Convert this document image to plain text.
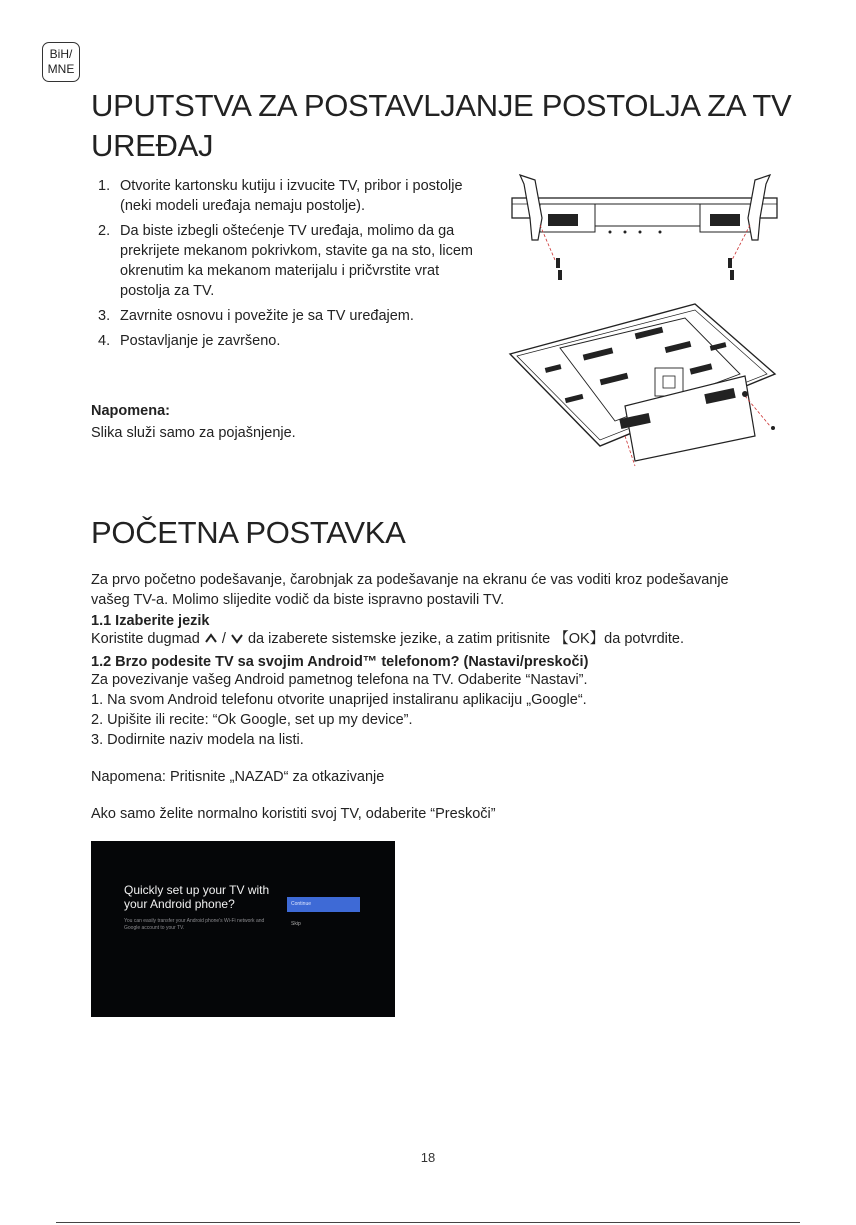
BiH/
MNE
UPUTSTVA ZA POSTAVLJANJE POSTOLJA ZA TV
UREĐAJ
1. Otvorite kartonsku kutiju i izvucite TV, pribor i postolje (neki modeli uređaja nemaju postolje).
2. Da biste izbegli oštećenje TV uređaja, molimo da ga prekrijete mekanom pokrivkom, stavite ga na sto, licem okrenutim ka mekanom materijalu i pričvrstite vrat postolja za TV.
3. Zavrnite osnovu i povežite je sa TV uređajem.
4. Postavljanje je završeno.
Napomena:
Slika služi samo za pojašnjenje.
POČETNA POSTAVKA
Za prvo početno podešavanje, čarobnjak za podešavanje na ekranu će vas voditi kroz podešavanje
vašeg TV-a. Molimo slijedite vodič da biste ispravno postavili TV.
1.1 Izaberite jezik
Koristite dugmad / da izaberete sistemske jezike, a zatim pritisnite 【OK】da potvrdite.
1.2 Brzo podesite TV sa svojim Android™ telefonom? (Nastavi/preskoči)
Za povezivanje vašeg Android pametnog telefona na TV. Odaberite “Nastavi”.
1. Na svom Android telefonu otvorite unaprijed instaliranu aplikaciju „Google“.
2. Upišite ili recite: “Ok Google, set up my device”.
3. Dodirnite naziv modela na listi.
Napomena: Pritisnite „NAZAD“ za otkazivanje
Ako samo želite normalno koristiti svoj TV, odaberite “Preskoči”
Quickly set up your TV with your Android phone?
You can easily transfer your Android phone's Wi-Fi network and Google account to your TV.
Continue
Skip
18
